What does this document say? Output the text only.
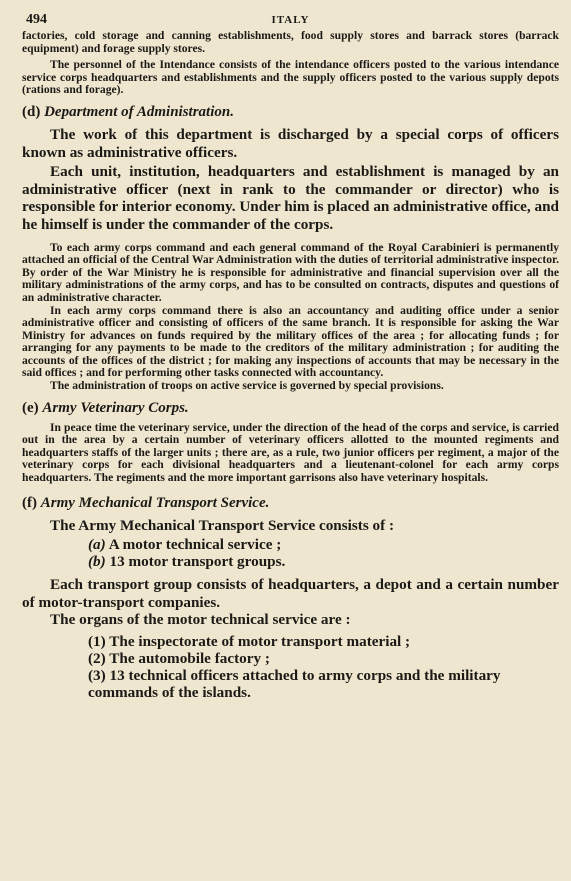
494	ITALY

factories, cold storage and canning establishments, food supply stores and barrack stores (barrack equipment) and forage supply stores.

The personnel of the Intendance consists of the intendance officers posted to the various intendance service corps headquarters and establishments and the supply officers posted to the various supply depots (rations and forage).

(d) Department of Administration.

The work of this department is discharged by a special corps of officers known as administrative officers.

Each unit, institution, headquarters and establishment is managed by an administrative officer (next in rank to the commander or director) who is responsible for interior economy. Under him is placed an administrative office, and he himself is under the commander of the corps.

To each army corps command and each general command of the Royal Carabinieri is permanently attached an official of the Central War Administration with the duties of territorial administrative inspector. By order of the War Ministry he is responsible for administrative and financial supervision over all the military administrations of the army corps, and has to be consulted on contracts, disputes and questions of an administrative character.

In each army corps command there is also an accountancy and auditing office under a senior administrative officer and consisting of officers of the same branch. It is responsible for asking the War Ministry for advances on funds required by the military offices of the area ; for allocating funds ; for arranging for any payments to be made to the creditors of the military administration ; for auditing the accounts of the offices of the district ; for making any inspections of accounts that may be necessary in the said offices ; and for performing other tasks connected with accountancy.

The administration of troops on active service is governed by special provisions.

(e) Army Veterinary Corps.

In peace time the veterinary service, under the direction of the head of the corps and service, is carried out in the area by a certain number of veterinary officers allotted to the mounted regiments and headquarters staffs of the larger units ; there are, as a rule, two junior officers per regiment, a major of the veterinary corps for each divisional headquarters and a lieutenant-colonel for each army corps headquarters. The regiments and the more important garrisons also have veterinary hospitals.

(f) Army Mechanical Transport Service.

The Army Mechanical Transport Service consists of :

(a) A motor technical service ;
(b) 13 motor transport groups.

Each transport group consists of headquarters, a depot and a certain number of motor-transport companies.

The organs of the motor technical service are :

(1) The inspectorate of motor transport material ;
(2) The automobile factory ;
(3) 13 technical officers attached to army corps and the military commands of the islands.
